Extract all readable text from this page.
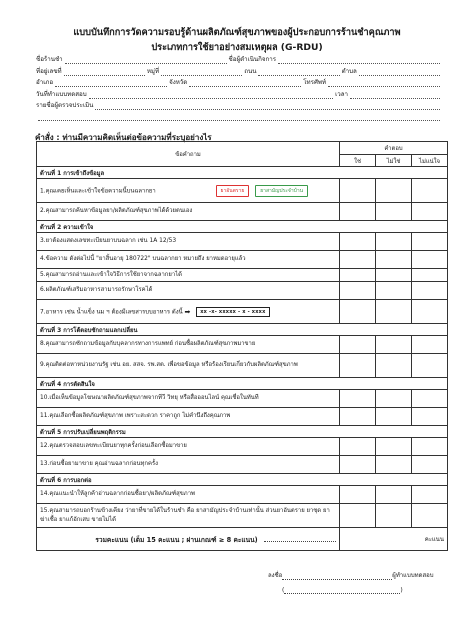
แบบบันทึกการวัดความรอบรู้ด้านผลิตภัณฑ์สุขภาพของผู้ประกอบการร้านชำคุณภาพ
ประเภทการใช้ยาอย่างสมเหตุผล (G-RDU)
ชื่อร้านชำ	ชื่อผู้ดำเนินกิจการ
ที่อยู่เลขที่	หมู่ที่	ถนน	ตำบล
อำเภอ	จังหวัด	โทรศัพท์
วันที่ทำแบบทดสอบ	เวลา
รายชื่อผู้ตรวจประเมิน
คำสั่ง : ท่านมีความคิดเห็นต่อข้อความที่ระบุอย่างไร
ข้อคำถาม	คำตอบ		
	ใช่	ไม่ใช่	ไม่แน่ใจ
ด้านที่ 1 การเข้าถึงข้อมูล			
1.คุณเคยเห็นและเข้าใจข้อความนี้บนฉลากยา ยาอันตราย ยาสามัญประจำบ้าน			
2.คุณสามารถค้นหาข้อมูลยา/ผลิตภัณฑ์สุขภาพได้ด้วยตนเอง			
ด้านที่ 2 ความเข้าใจ			
3.ยาต้องแสดงเลขทะเบียนยาบนฉลาก เช่น 1A 12/53			
4.ข้อความ ดังต่อไปนี้ "ยาสิ้นอายุ 180722" บนฉลากยา หมายถึง ยาหมดอายุแล้ว			
5.คุณสามารถอ่านและเข้าใจวิธีการใช้ยาจากฉลากยาได้			
6.ผลิตภัณฑ์เสริมอาหารสามารถรักษาโรคได้			
7.อาหาร เช่น น้ำแข็ง นม ฯ ต้องมีเลขสารบบอาหาร ดังนี้ ➡ xx -x- xxxxx - x - xxxx			
ด้านที่ 3 การโต้ตอบซักถามแลกเปลี่ยน			
8.คุณสามารถซักถามข้อมูลกับบุคลากรทางการแพทย์ ก่อนซื้อผลิตภัณฑ์สุขภาพมาขาย			
9.คุณติดต่อหาหน่วยงานรัฐ เช่น อย. สสจ. รพ.สต. เพื่อขอข้อมูล หรือร้องเรียนเกี่ยวกับผลิตภัณฑ์สุขภาพ			
ด้านที่ 4 การตัดสินใจ			
10.เมื่อเห็นข้อมูลโฆษณาผลิตภัณฑ์สุขภาพจากทีวี วิทยุ หรือสื่อออนไลน์ คุณเชื่อในทันที			
11.คุณเลือกซื้อผลิตภัณฑ์สุขภาพ เพราะสะดวก ราคาถูก ไม่คำนึงถึงคุณภาพ			
ด้านที่ 5 การปรับเปลี่ยนพฤติกรรม			
12.คุณตรวจสอบเลขทะเบียนยาทุกครั้งก่อนเลือกซื้อมาขาย			
13.ก่อนซื้อยามาขาย คุณอ่านฉลากก่อนทุกครั้ง			
ด้านที่ 6 การบอกต่อ			
14.คุณแนะนำให้ลูกค้าอ่านฉลากก่อนซื้อยา/ผลิตภัณฑ์สุขภาพ			
15.คุณสามารถบอกร้านข้างเคียง ว่ายาที่ขายได้ในร้านชำ คือ ยาสามัญประจำบ้านเท่านั้น ส่วนยาอันตราย ยาชุด ยาฆ่าเชื้อ ยาแก้อักเสบ ขายไม่ได้			
รวมคะแนน (เต็ม 15 คะแนน ; ผ่านเกณฑ์ ≥ 8 คะแนน)	คะแนน		
ลงชื่อ	ผู้ทำแบบทดสอบ
(	)
